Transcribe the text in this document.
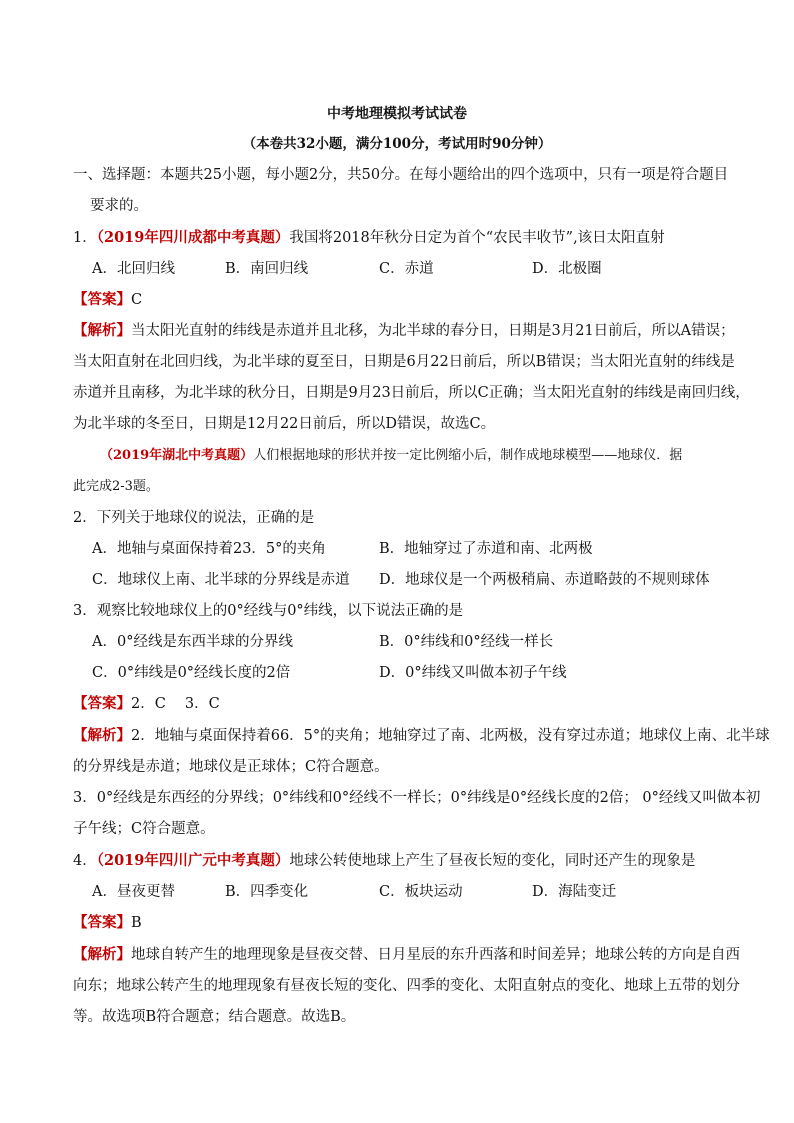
中考地理模拟考试试卷
（本卷共32小题，满分100分，考试用时90分钟）
一、选择题：本题共25小题，每小题2分，共50分。在每小题给出的四个选项中，只有一项是符合题目
要求的。
1．（2019年四川成都中考真题）我国将2018年秋分日定为首个“农民丰收节”,该日太阳直射
A．北回归线	B．南回归线	C．赤道	D．北极圈
【答案】C
【解析】当太阳光直射的纬线是赤道并且北移，为北半球的春分日，日期是3月21日前后，所以A错误；
当太阳直射在北回归线，为北半球的夏至日，日期是6月22日前后，所以B错误；当太阳光直射的纬线是
赤道并且南移，为北半球的秋分日，日期是9月23日前后，所以C正确；当太阳光直射的纬线是南回归线，
为北半球的冬至日，日期是12月22日前后，所以D错误，故选C。
（2019年湖北中考真题）人们根据地球的形状并按一定比例缩小后，制作成地球模型——地球仪．据
此完成2-3题。
2．下列关于地球仪的说法，正确的是
A．地轴与桌面保持着23．5°的夹角	B．地轴穿过了赤道和南、北两极
C．地球仪上南、北半球的分界线是赤道 D．地球仪是一个两极稍扁、赤道略鼓的不规则球体
3．观察比较地球仪上的0°经线与0°纬线，以下说法正确的是
A．0°经线是东西半球的分界线	B．0°纬线和0°经线一样长
C．0°纬线是0°经线长度的2倍	D．0°纬线又叫做本初子午线
【答案】2．C　 3．C
【解析】2．地轴与桌面保持着66．5°的夹角；地轴穿过了南、北两极，没有穿过赤道；地球仪上南、北半球
的分界线是赤道；地球仪是正球体；C符合题意。
3．0°经线是东西经的分界线；0°纬线和0°经线不一样长；0°纬线是0°经线长度的2倍； 0°经线又叫做本初
子午线；C符合题意。
4．（2019年四川广元中考真题）地球公转使地球上产生了昼夜长短的变化，同时还产生的现象是
A．昼夜更替	B．四季变化	C．板块运动	D．海陆变迁
【答案】B
【解析】地球自转产生的地理现象是昼夜交替、日月星辰的东升西落和时间差异；地球公转的方向是自西
向东；地球公转产生的地理现象有昼夜长短的变化、四季的变化、太阳直射点的变化、地球上五带的划分
等。故选项B符合题意；结合题意。故选B。
